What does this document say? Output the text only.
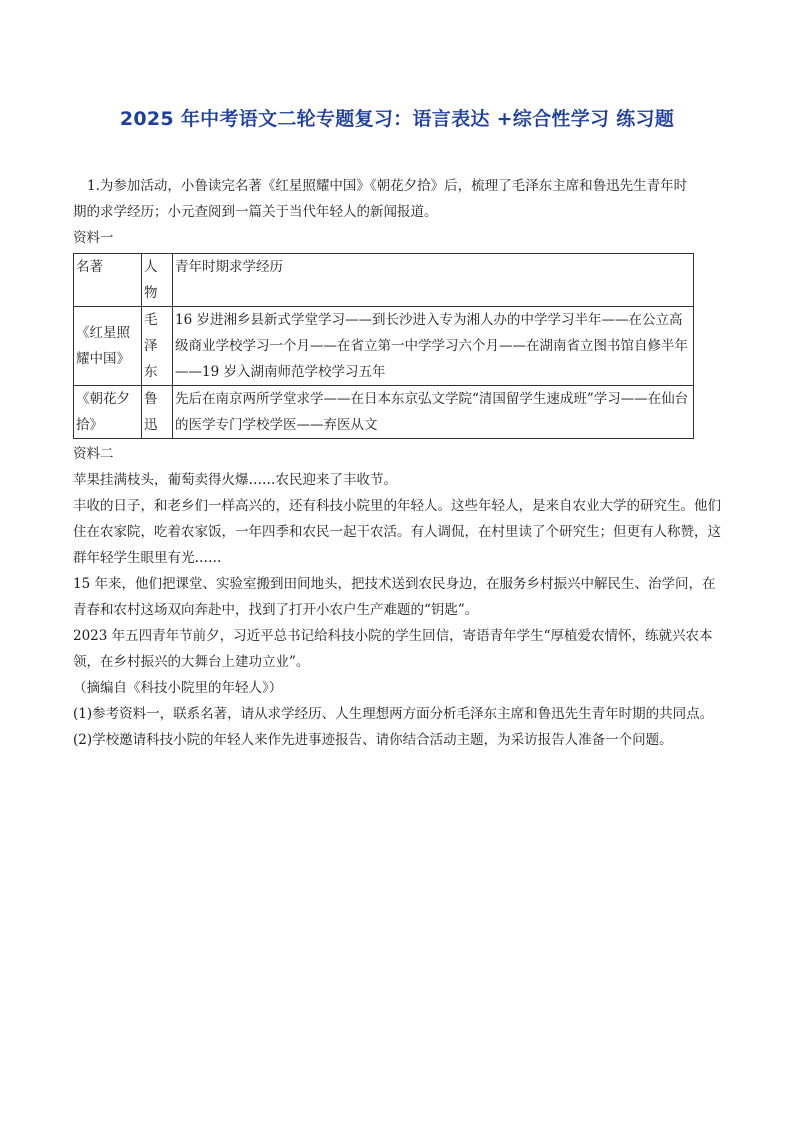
2025 年中考语文二轮专题复习：语言表达 +综合性学习 练习题

1.为参加活动，小鲁读完名著《红星照耀中国》《朝花夕拾》后，梳理了毛泽东主席和鲁迅先生青年时
期的求学经历；小元查阅到一篇关于当代年轻人的新闻报道。

资料一

名著	人物	青年时期求学经历
《红星照耀中国》	毛泽东	16 岁进湘乡县新式学堂学习——到长沙进入专为湘人办的中学学习半年——在公立高级商业学校学习一个月——在省立第一中学学习六个月——在湖南省立图书馆自修半年——19 岁入湖南师范学校学习五年
《朝花夕拾》	鲁迅	先后在南京两所学堂求学——在日本东京弘文学院“清国留学生速成班”学习——在仙台的医学专门学校学医——弃医从文

资料二

苹果挂满枝头，葡萄卖得火爆……农民迎来了丰收节。

丰收的日子，和老乡们一样高兴的，还有科技小院里的年轻人。这些年轻人，是来自农业大学的研究生。他们住在农家院，吃着农家饭，一年四季和农民一起干农活。有人调侃，在村里读了个研究生；但更有人称赞，这群年轻学生眼里有光……

15 年来，他们把课堂、实验室搬到田间地头，把技术送到农民身边，在服务乡村振兴中解民生、治学问，在青春和农村这场双向奔赴中，找到了打开小农户生产难题的“钥匙”。

2023 年五四青年节前夕，习近平总书记给科技小院的学生回信，寄语青年学生“厚植爱农情怀，练就兴农本领，在乡村振兴的大舞台上建功立业”。

（摘编自《科技小院里的年轻人》）

(1)参考资料一，联系名著，请从求学经历、人生理想两方面分析毛泽东主席和鲁迅先生青年时期的共同点。

(2)学校邀请科技小院的年轻人来作先进事迹报告、请你结合活动主题，为采访报告人准备一个问题。
